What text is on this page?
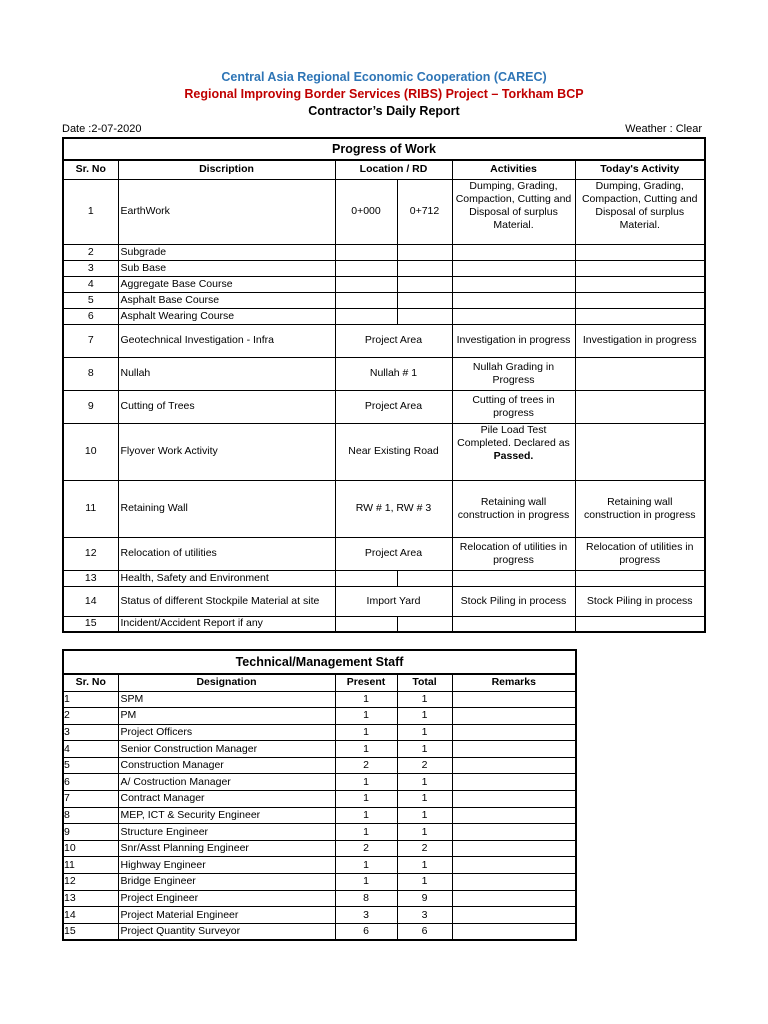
Central Asia Regional Economic Cooperation (CAREC)
Regional Improving Border Services (RIBS) Project – Torkham BCP
Contractor’s Daily Report
Date :2-07-2020	Weather : Clear
Progress of Work					
Sr. No	Discription	Location / RD		Activities	Today's Activity
1	EarthWork	0+000	0+712	Dumping, Grading, Compaction, Cutting and Disposal of surplus Material.	Dumping, Grading, Compaction, Cutting and Disposal of surplus Material.
2	Subgrade				
3	Sub Base				
4	Aggregate Base Course				
5	Asphalt Base Course				
6	Asphalt Wearing Course				
7	Geotechnical Investigation - Infra	Project Area		Investigation in progress	Investigation in progress
8	Nullah	Nullah # 1		Nullah Grading in Progress	
9	Cutting of Trees	Project Area		Cutting of trees in progress	
10	Flyover Work Activity	Near Existing Road		Pile Load Test Completed. Declared as Passed.	
11	Retaining Wall	RW # 1, RW # 3		Retaining wall construction in progress	Retaining wall construction in progress
12	Relocation of utilities	Project Area		Relocation of utilities in progress	Relocation of utilities in progress
13	Health, Safety and Environment				
14	Status of different Stockpile Material at site	Import Yard		Stock Piling in process	Stock Piling in process
15	Incident/Accident Report if any				
Technical/Management Staff				
Sr. No	Designation	Present	Total	Remarks
1	SPM	1	1	
2	PM	1	1	
3	Project Officers	1	1	
4	Senior Construction Manager	1	1	
5	Construction Manager	2	2	
6	A/ Costruction Manager	1	1	
7	Contract Manager	1	1	
8	MEP, ICT & Security Engineer	1	1	
9	Structure Engineer	1	1	
10	Snr/Asst Planning Engineer	2	2	
11	Highway Engineer	1	1	
12	Bridge Engineer	1	1	
13	Project Engineer	8	9	
14	Project Material Engineer	3	3	
15	Project Quantity Surveyor	6	6	
